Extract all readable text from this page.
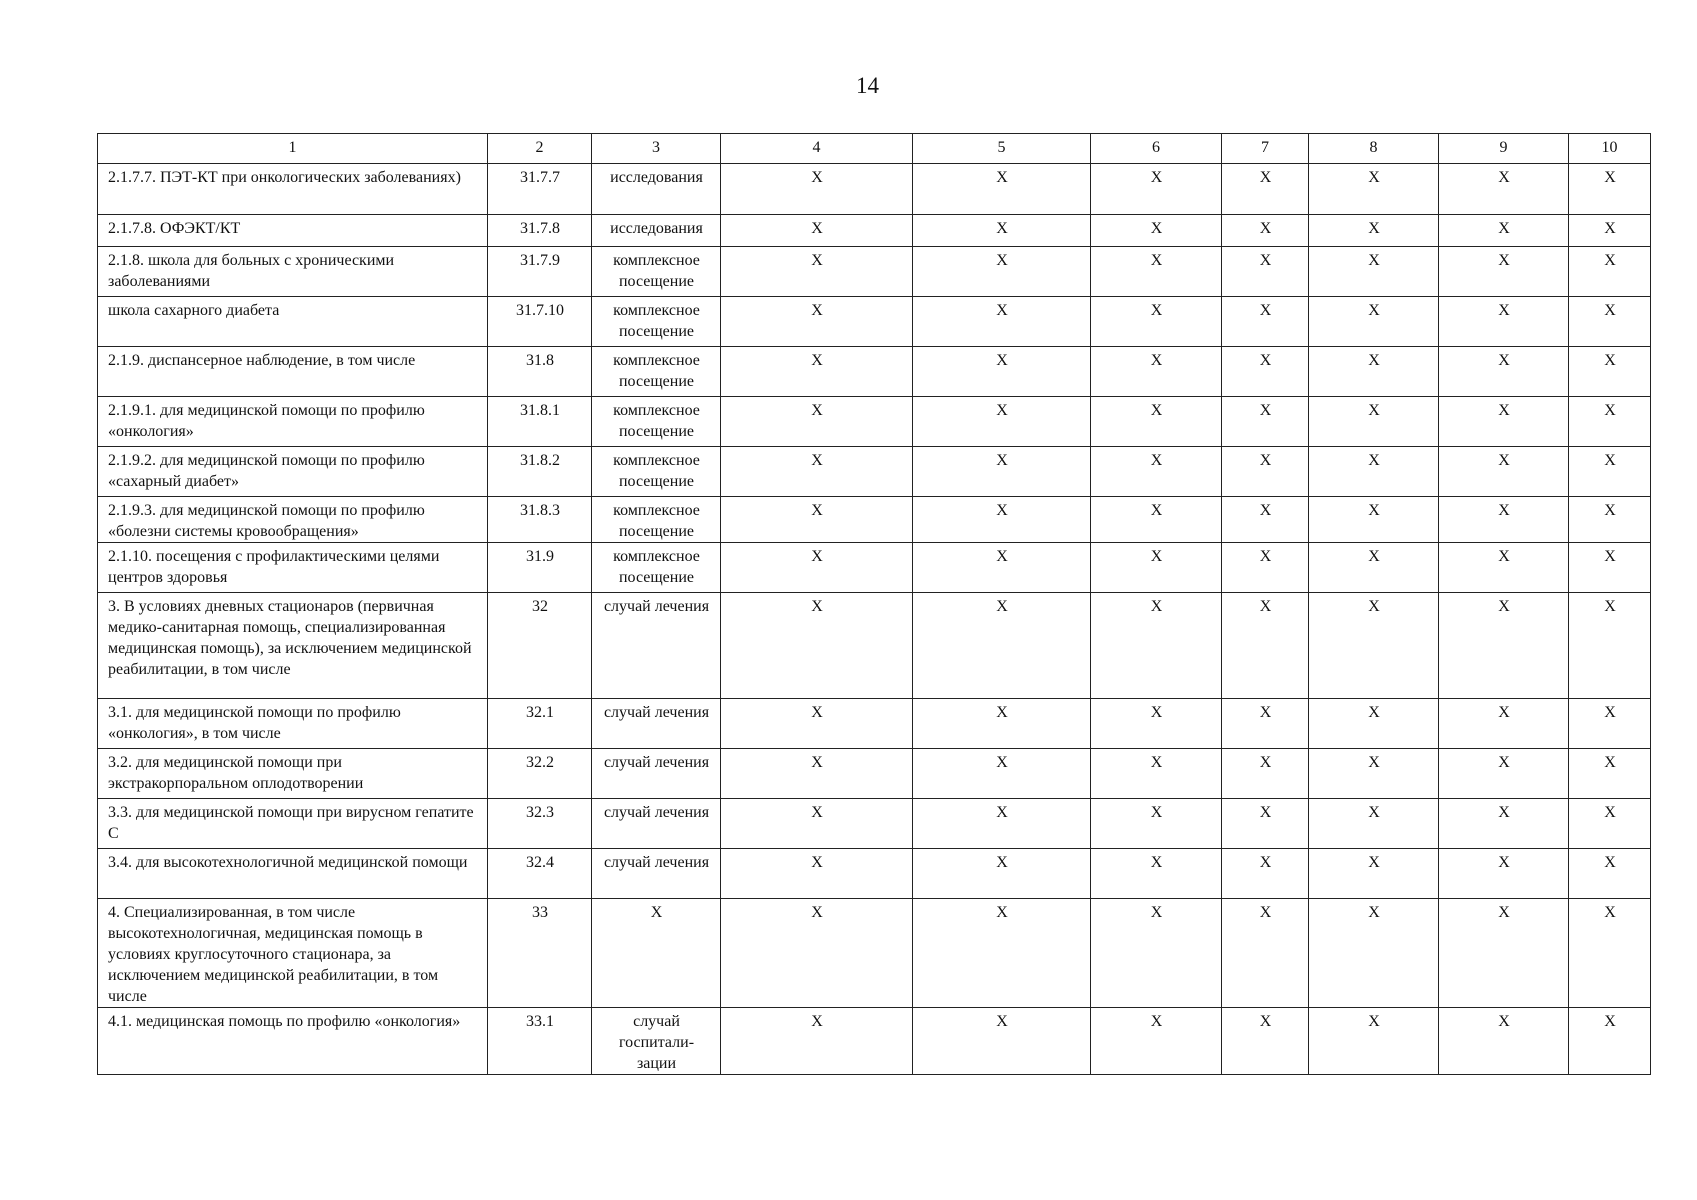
14
1	2	3	4	5	6	7	8	9	10
2.1.7.7. ПЭТ-КТ при онкологических заболеваниях)	31.7.7	исследования	X	X	X	X	X	X	X
2.1.7.8. ОФЭКТ/КТ	31.7.8	исследования	X	X	X	X	X	X	X
2.1.8. школа для больных с хроническими заболеваниями	31.7.9	комплексное посещение	X	X	X	X	X	X	X
школа сахарного диабета	31.7.10	комплексное посещение	X	X	X	X	X	X	X
2.1.9. диспансерное наблюдение, в том числе	31.8	комплексное посещение	X	X	X	X	X	X	X
2.1.9.1. для медицинской помощи по профилю «онкология»	31.8.1	комплексное посещение	X	X	X	X	X	X	X
2.1.9.2. для медицинской помощи по профилю «сахарный диабет»	31.8.2	комплексное посещение	X	X	X	X	X	X	X
2.1.9.3. для медицинской помощи по профилю «болезни системы кровообращения»	31.8.3	комплексное посещение	X	X	X	X	X	X	X
2.1.10. посещения с профилактическими целями центров здоровья	31.9	комплексное посещение	X	X	X	X	X	X	X
3. В условиях дневных стационаров (первичная медико-санитарная помощь, специализированная медицинская помощь), за исключением медицинской реабилитации, в том числе	32	случай лечения	X	X	X	X	X	X	X
3.1. для медицинской помощи по профилю «онкология», в том числе	32.1	случай лечения	X	X	X	X	X	X	X
3.2. для медицинской помощи при экстракорпоральном оплодотворении	32.2	случай лечения	X	X	X	X	X	X	X
3.3. для медицинской помощи при вирусном гепатите С	32.3	случай лечения	X	X	X	X	X	X	X
3.4. для высокотехнологичной медицинской помощи	32.4	случай лечения	X	X	X	X	X	X	X
4. Специализированная, в том числе высокотехнологичная, медицинская помощь в условиях круглосуточного стационара, за исключением медицинской реабилитации, в том числе	33	X	X	X	X	X	X	X	X
4.1. медицинская помощь по профилю «онкология»	33.1	случай госпитали-зации	X	X	X	X	X	X	X
